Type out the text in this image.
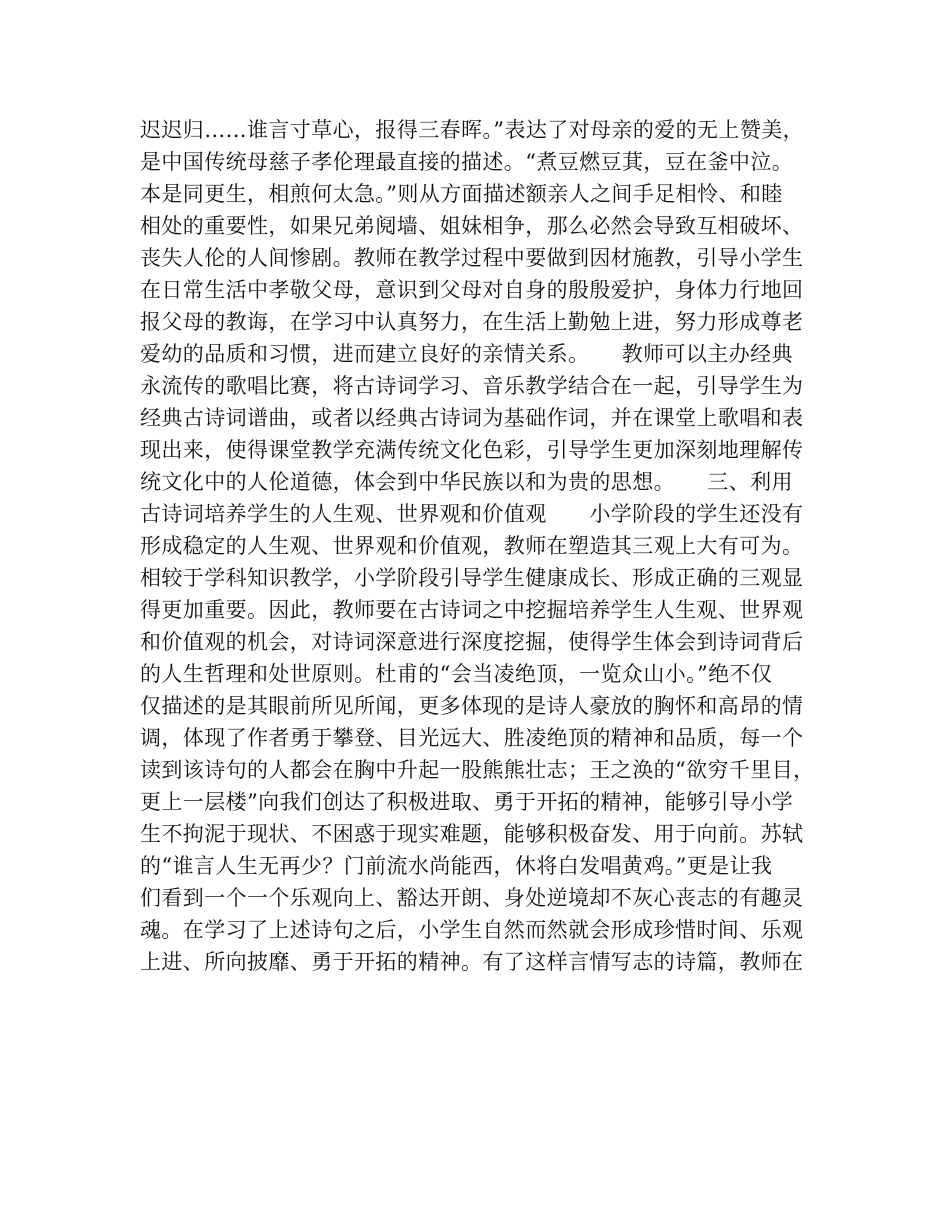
迟迟归……谁言寸草心，报得三春晖。”表达了对母亲的爱的无上赞美，
是中国传统母慈子孝伦理最直接的描述。“煮豆燃豆萁，豆在釜中泣。
本是同更生，相煎何太急。”则从方面描述额亲人之间手足相怜、和睦
相处的重要性，如果兄弟阋墙、姐妹相争，那么必然会导致互相破坏、
丧失人伦的人间惨剧。教师在教学过程中要做到因材施教，引导小学生
在日常生活中孝敬父母，意识到父母对自身的殷殷爱护，身体力行地回
报父母的教诲，在学习中认真努力，在生活上勤勉上进，努力形成尊老
爱幼的品质和习惯，进而建立良好的亲情关系。　　教师可以主办经典
永流传的歌唱比赛，将古诗词学习、音乐教学结合在一起，引导学生为
经典古诗词谱曲，或者以经典古诗词为基础作词，并在课堂上歌唱和表
现出来，使得课堂教学充满传统文化色彩，引导学生更加深刻地理解传
统文化中的人伦道德，体会到中华民族以和为贵的思想。　　三、利用
古诗词培养学生的人生观、世界观和价值观　　小学阶段的学生还没有
形成稳定的人生观、世界观和价值观，教师在塑造其三观上大有可为。
相较于学科知识教学，小学阶段引导学生健康成长、形成正确的三观显
得更加重要。因此，教师要在古诗词之中挖掘培养学生人生观、世界观
和价值观的机会，对诗词深意进行深度挖掘，使得学生体会到诗词背后
的人生哲理和处世原则。杜甫的“会当凌绝顶，一览众山小。”绝不仅
仅描述的是其眼前所见所闻，更多体现的是诗人豪放的胸怀和高昂的情
调，体现了作者勇于攀登、目光远大、胜凌绝顶的精神和品质，每一个
读到该诗句的人都会在胸中升起一股熊熊壮志；王之涣的“欲穷千里目，
更上一层楼”向我们创达了积极进取、勇于开拓的精神，能够引导小学
生不拘泥于现状、不困惑于现实难题，能够积极奋发、用于向前。苏轼
的“谁言人生无再少？门前流水尚能西，休将白发唱黄鸡。”更是让我
们看到一个一个乐观向上、豁达开朗、身处逆境却不灰心丧志的有趣灵
魂。在学习了上述诗句之后，小学生自然而然就会形成珍惜时间、乐观
上进、所向披靡、勇于开拓的精神。有了这样言情写志的诗篇，教师在
